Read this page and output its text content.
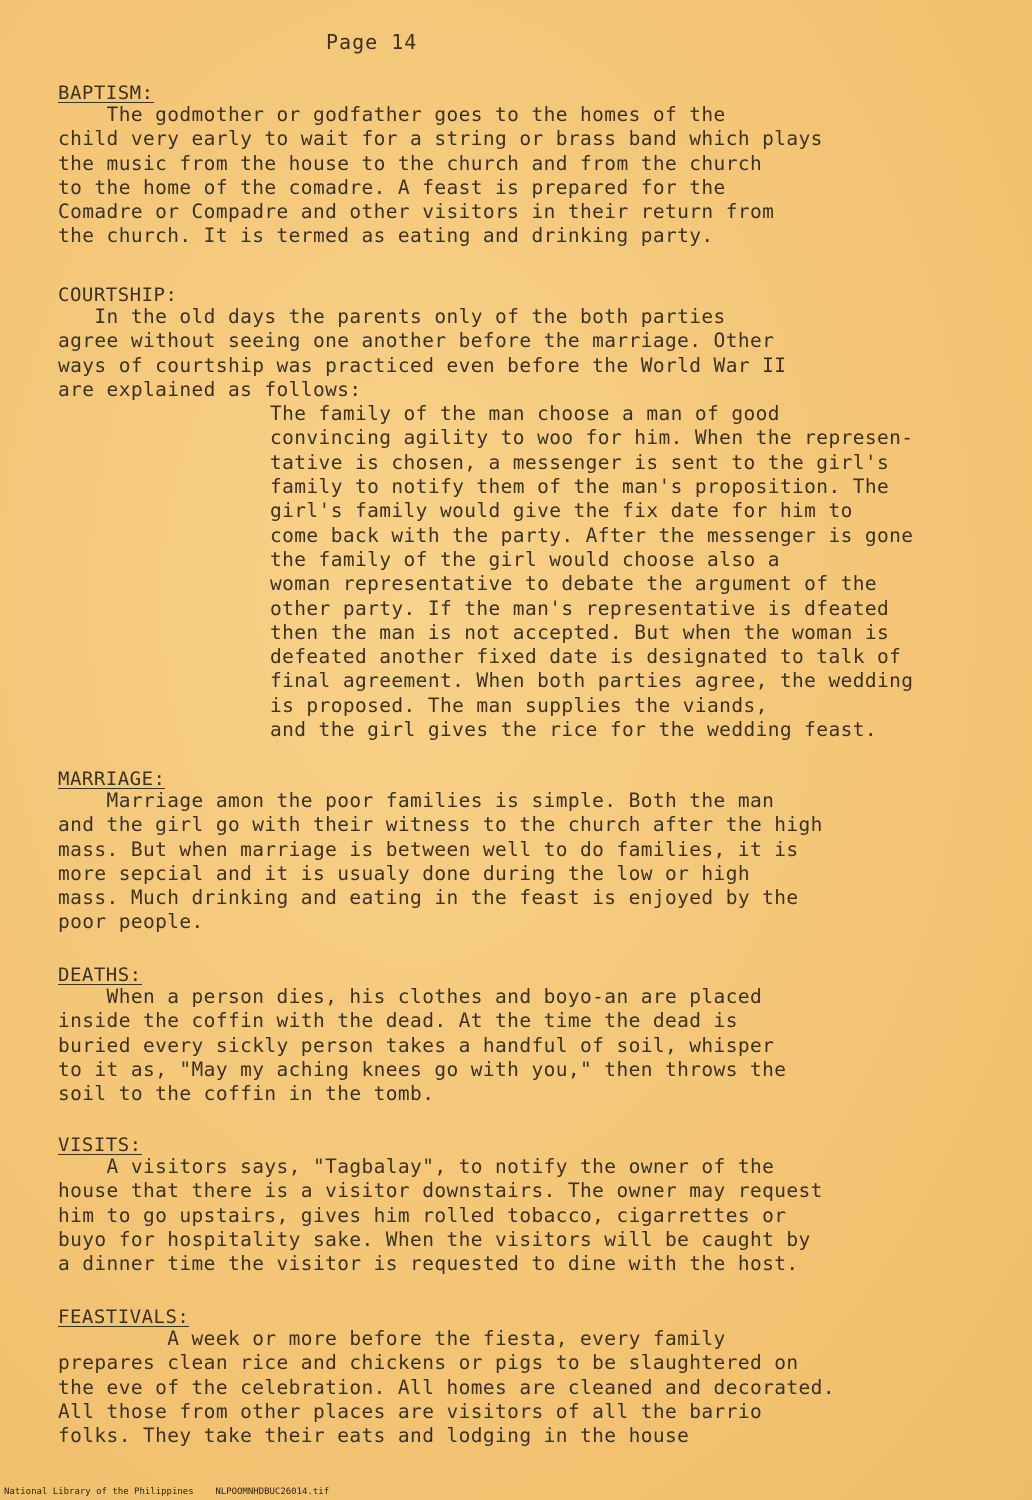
Page 14
BAPTISM:
The godmother or godfather goes to the homes of the
child very early to wait for a string or brass band which plays
the music from the house to the church and from the church
to the home of the comadre. A feast is prepared for the
Comadre or Compadre and other visitors in their return from
the church. It is termed as eating and drinking party.
COURTSHIP:
In the old days the parents only of the both parties
agree without seeing one another before the marriage. Other
ways of courtship was practiced even before the World War II
are explained as follows:
The family of the man choose a man of good
convincing agility to woo for him. When the represen-
tative is chosen, a messenger is sent to the girl's
family to notify them of the man's proposition. The
girl's family would give the fix date for him to
come back with the party. After the messenger is gone
the family of the girl would choose also a
woman representative to debate the argument of the
other party. If the man's representative is dfeated
then the man is not accepted. But when the woman is
defeated another fixed date is designated to talk of
final agreement. When both parties agree, the wedding
is proposed. The man supplies the viands,
and the girl gives the rice for the wedding feast.
MARRIAGE:
Marriage amon the poor families is simple. Both the man
and the girl go with their witness to the church after the high
mass. But when marriage is between well to do families, it is
more sepcial and it is usualy done during the low or high
mass. Much drinking and eating in the feast is enjoyed by the
poor people.
DEATHS:
When a person dies, his clothes and boyo-an are placed
inside the coffin with the dead. At the time the dead is
buried every sickly person takes a handful of soil, whisper
to it as, "May my aching knees go with you," then throws the
soil to the coffin in the tomb.
VISITS:
A visitors says, "Tagbalay", to notify the owner of the
house that there is a visitor downstairs. The owner may request
him to go upstairs, gives him rolled tobacco, cigarrettes or
buyo for hospitality sake. When the visitors will be caught by
a dinner time the visitor is requested to dine with the host.
FEASTIVALS:
A week or more before the fiesta, every family
prepares clean rice and chickens or pigs to be slaughtered on
the eve of the celebration. All homes are cleaned and decorated.
All those from other places are visitors of all the barrio
folks. They take their eats and lodging in the house
National Library of the Philippines    NLPOOMNHDBUC26014.tif
